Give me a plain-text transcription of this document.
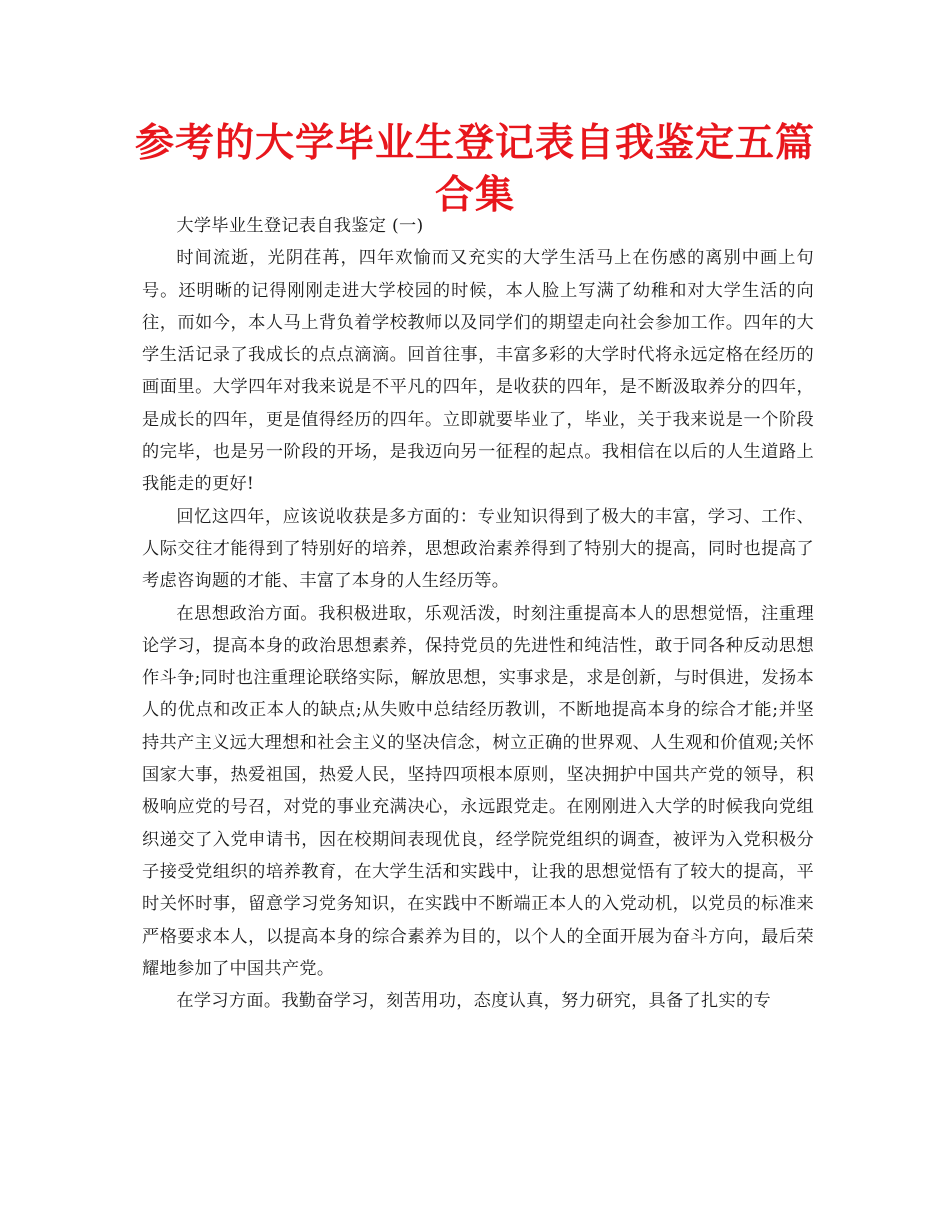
参考的大学毕业生登记表自我鉴定五篇合集

大学毕业生登记表自我鉴定 (一)

时间流逝，光阴荏苒，四年欢愉而又充实的大学生活马上在伤感的离别中画上句号。还明晰的记得刚刚走进大学校园的时候，本人脸上写满了幼稚和对大学生活的向往，而如今，本人马上背负着学校教师以及同学们的期望走向社会参加工作。四年的大学生活记录了我成长的点点滴滴。回首往事，丰富多彩的大学时代将永远定格在经历的画面里。大学四年对我来说是不平凡的四年，是收获的四年，是不断汲取养分的四年，是成长的四年，更是值得经历的四年。立即就要毕业了，毕业，关于我来说是一个阶段的完毕，也是另一阶段的开场，是我迈向另一征程的起点。我相信在以后的人生道路上我能走的更好!

回忆这四年，应该说收获是多方面的：专业知识得到了极大的丰富，学习、工作、人际交往才能得到了特别好的培养，思想政治素养得到了特别大的提高，同时也提高了考虑咨询题的才能、丰富了本身的人生经历等。

在思想政治方面。我积极进取，乐观活泼，时刻注重提高本人的思想觉悟，注重理论学习，提高本身的政治思想素养，保持党员的先进性和纯洁性，敢于同各种反动思想作斗争;同时也注重理论联络实际，解放思想，实事求是，求是创新，与时俱进，发扬本人的优点和改正本人的缺点;从失败中总结经历教训，不断地提高本身的综合才能;并坚持共产主义远大理想和社会主义的坚决信念，树立正确的世界观、人生观和价值观;关怀国家大事，热爱祖国，热爱人民，坚持四项根本原则，坚决拥护中国共产党的领导，积极响应党的号召，对党的事业充满决心，永远跟党走。在刚刚进入大学的时候我向党组织递交了入党申请书，因在校期间表现优良，经学院党组织的调查，被评为入党积极分子接受党组织的培养教育，在大学生活和实践中，让我的思想觉悟有了较大的提高，平时关怀时事，留意学习党务知识，在实践中不断端正本人的入党动机，以党员的标准来严格要求本人，以提高本身的综合素养为目的，以个人的全面开展为奋斗方向，最后荣耀地参加了中国共产党。

在学习方面。我勤奋学习，刻苦用功，态度认真，努力研究，具备了扎实的专
